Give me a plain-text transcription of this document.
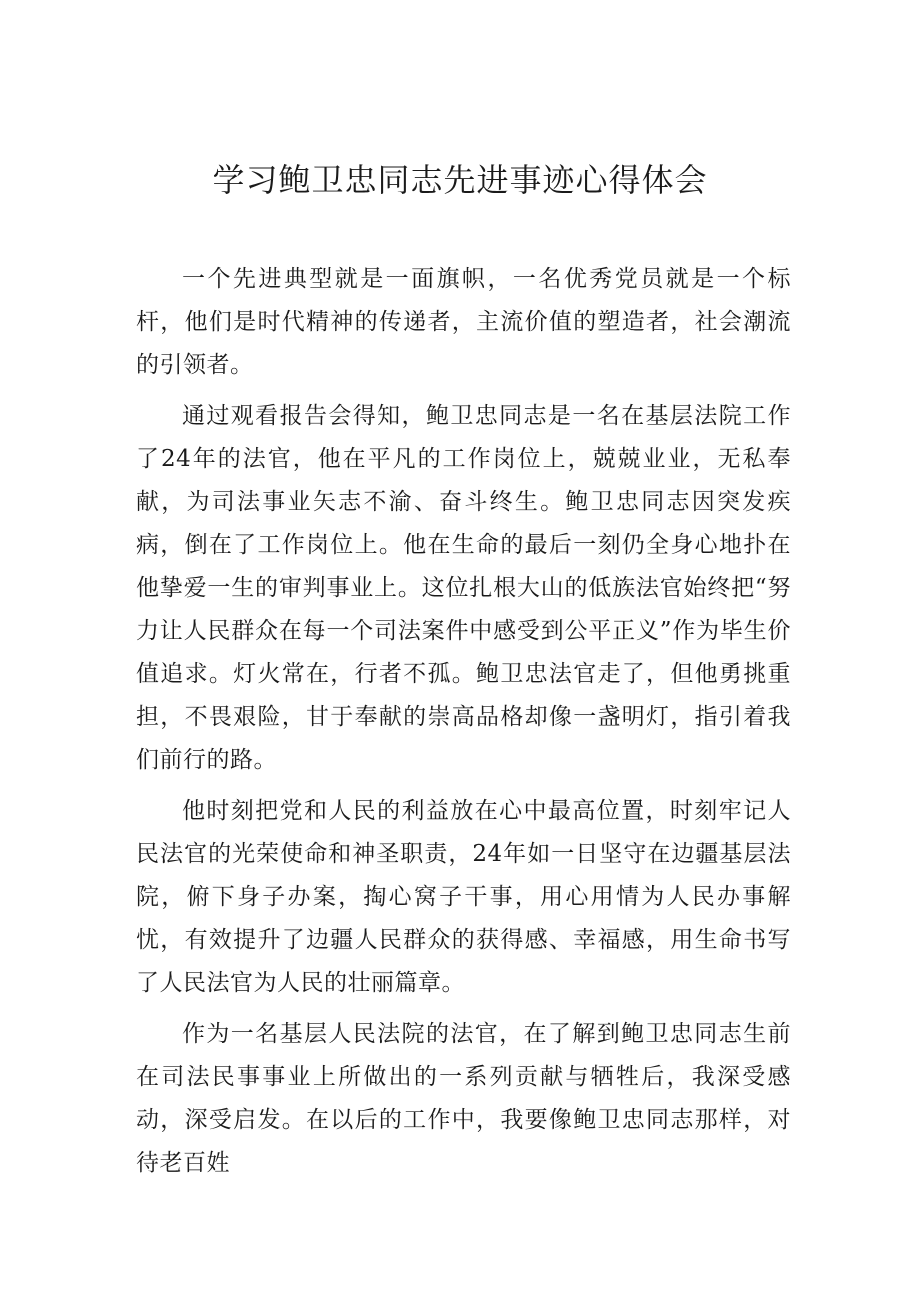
学习鲍卫忠同志先进事迹心得体会

一个先进典型就是一面旗帜，一名优秀党员就是一个标杆，他们是时代精神的传递者，主流价值的塑造者，社会潮流的引领者。

通过观看报告会得知，鲍卫忠同志是一名在基层法院工作了24年的法官，他在平凡的工作岗位上，兢兢业业，无私奉献，为司法事业矢志不渝、奋斗终生。鲍卫忠同志因突发疾病，倒在了工作岗位上。他在生命的最后一刻仍全身心地扑在他挚爱一生的审判事业上。这位扎根大山的低族法官始终把“努力让人民群众在每一个司法案件中感受到公平正义”作为毕生价值追求。灯火常在，行者不孤。鲍卫忠法官走了，但他勇挑重担，不畏艰险，甘于奉献的崇高品格却像一盏明灯，指引着我们前行的路。

他时刻把党和人民的利益放在心中最高位置，时刻牢记人民法官的光荣使命和神圣职责，24年如一日坚守在边疆基层法院，俯下身子办案，掏心窝子干事，用心用情为人民办事解忧，有效提升了边疆人民群众的获得感、幸福感，用生命书写了人民法官为人民的壮丽篇章。

作为一名基层人民法院的法官，在了解到鲍卫忠同志生前在司法民事事业上所做出的一系列贡献与牺牲后，我深受感动，深受启发。在以后的工作中，我要像鲍卫忠同志那样，对待老百姓
